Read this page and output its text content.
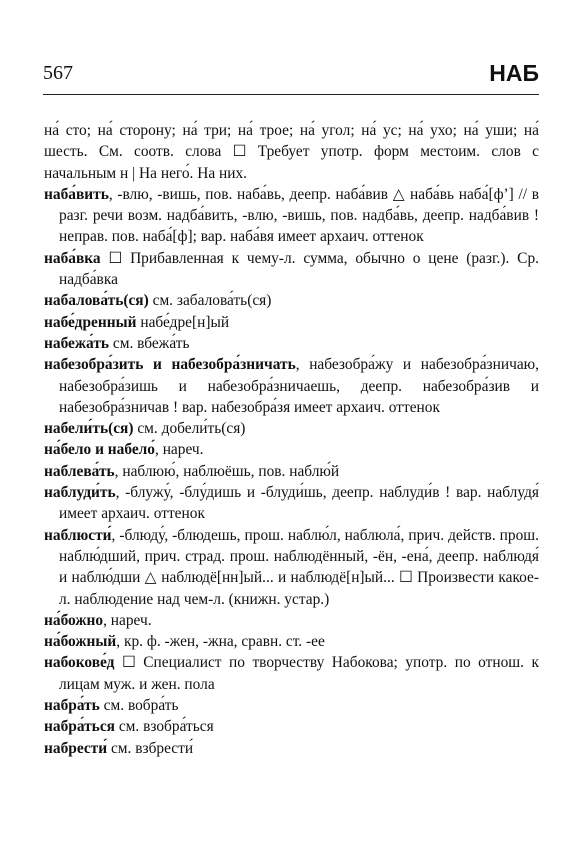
567	НАБ

на́ сто; на́ сторону; на́ три; на́ трое; на́ угол; на́ ус; на́ ухо; на́ уши; на́ шесть. См. соотв. слова ☐ Требует употр. форм местоим. слов с начальным н | На него́. На них.

наба́вить, -влю, -вишь, пов. наба́вь, деепр. наба́вив △ наба́вь наба́[ф’] // в разг. речи возм. надба́вить, -влю, -вишь, пов. надба́вь, деепр. надба́вив ! неправ. пов. наба́[ф]; вар. наба́вя имеет архаич. оттенок

наба́вка ☐ Прибавленная к чему-л. сумма, обычно о цене (разг.). Ср. надба́вка

набалова́ть(ся) см. забалова́ть(ся)

набе́дренный набе́дре[н]ый

набежа́ть см. вбежа́ть

набезобра́зить и набезобра́зничать, набезобра́жу и набезобра́зничаю, набезобра́зишь и набезобра́зничаешь, деепр. набезобра́зив и набезобра́зничав ! вар. набезобра́зя имеет архаич. оттенок

набели́ть(ся) см. добели́ть(ся)

на́бело и набело́, нареч.

наблева́ть, наблюю́, наблюёшь, пов. наблю́й

наблуди́ть, -блужу́, -блу́дишь и -блуди́шь, деепр. наблуди́в ! вар. наблудя́ имеет архаич. оттенок

наблюсти́, -блюду́, -блюдешь, прош. наблю́л, наблюла́, прич. действ. прош. наблю́дший, прич. страд. прош. наблюдённый, -ён, -ена́, деепр. наблюдя́ и наблю́дши △ наблюдё[нн]ый... и наблюдё[н]ый... ☐ Произвести какое-л. наблюдение над чем-л. (книжн. устар.)

на́божно, нареч.

на́божный, кр. ф. -жен, -жна, сравн. ст. -ее

набокове́д ☐ Специалист по творчеству Набокова; употр. по отнош. к лицам муж. и жен. пола

набра́ть см. вобра́ть

набра́ться см. взобра́ться

набрести́ см. взбрести́
